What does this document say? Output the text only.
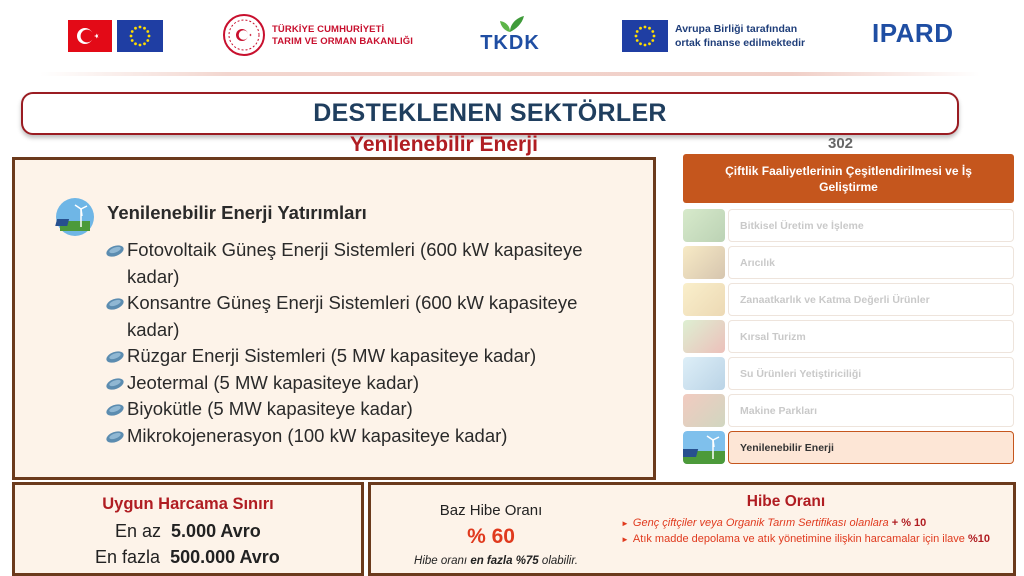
TÜRKİYE CUMHURİYETİ
TARIM VE ORMAN BAKANLIĞI	TKDK
Avrupa Birliği tarafından
ortak finanse edilmektedir	IPARD
DESTEKLENEN SEKTÖRLER
Yenilenebilir Enerji	302
Yenilenebilir Enerji Yatırımları
Fotovoltaik Güneş Enerji Sistemleri (600 kW kapasiteye kadar)
Konsantre Güneş Enerji Sistemleri (600 kW kapasiteye kadar)
Rüzgar Enerji Sistemleri (5 MW kapasiteye kadar)
Jeotermal (5 MW kapasiteye kadar)
Biyokütle (5 MW kapasiteye kadar)
Mikrokojenerasyon (100 kW kapasiteye kadar)
Çiftlik Faaliyetlerinin Çeşitlendirilmesi ve İş Geliştirme
Bitkisel Üretim ve İşleme
Arıcılık
Zanaatkarlık ve Katma Değerli Ürünler
Kırsal Turizm
Su Ürünleri Yetiştiriciliği
Makine Parkları
Yenilenebilir Enerji
Uygun Harcama Sınırı
En az 5.000 Avro
En fazla 500.000 Avro
Baz Hibe Oranı
% 60
Hibe oranı en fazla %75 olabilir.
Hibe Oranı
► Genç çiftçiler veya Organik Tarım Sertifikası olanlara + % 10
► Atık madde depolama ve atık yönetimine ilişkin harcamalar için ilave %10
